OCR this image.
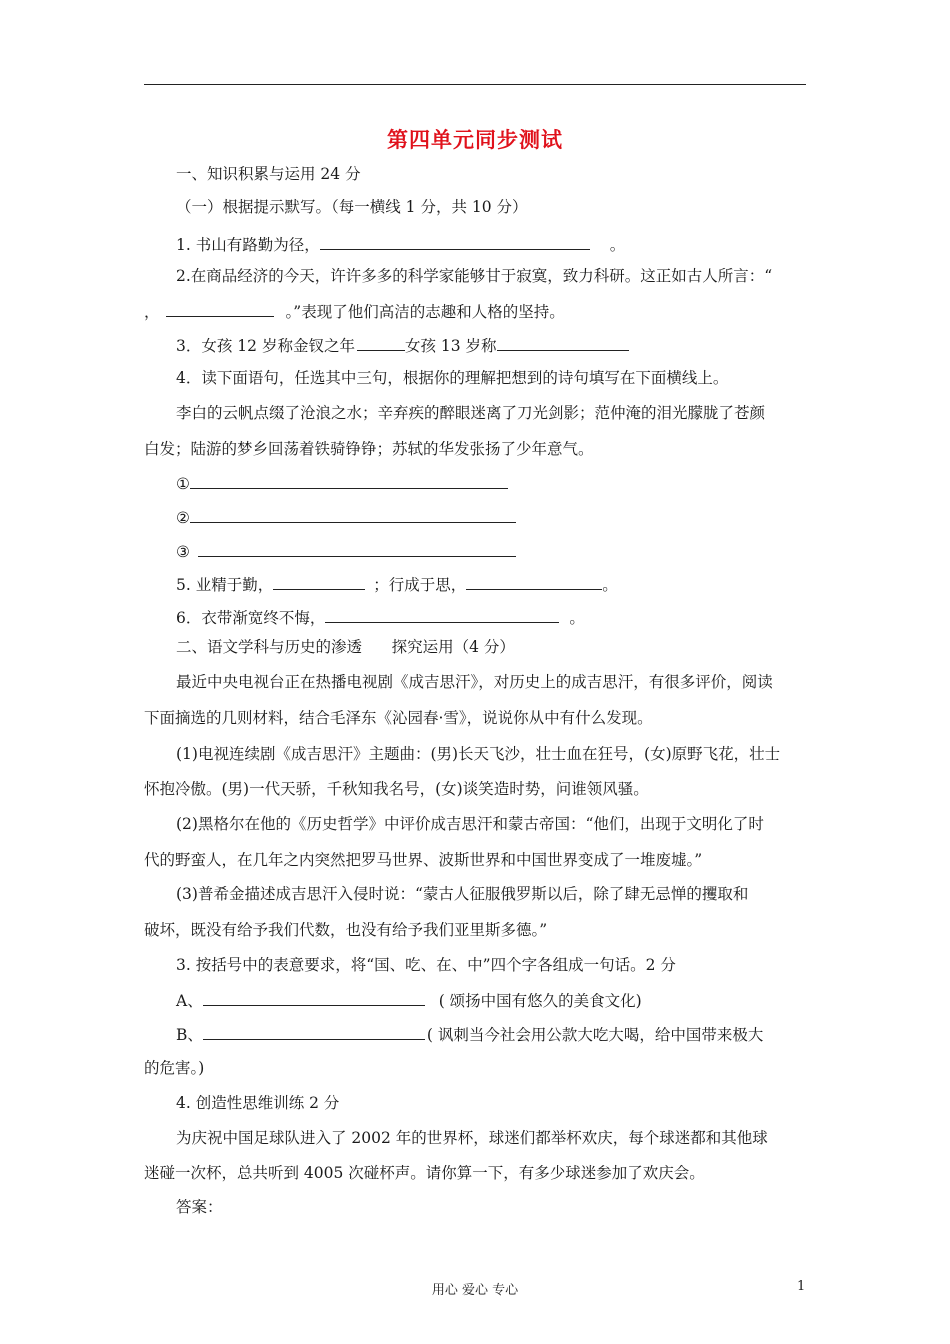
第四单元同步测试
一、知识积累与运用 24 分
（一）根据提示默写。（每一横线 1 分，共 10 分）
1. 书山有路勤为径，	。
2.在商品经济的今天，许许多多的科学家能够甘于寂寞，致力科研。这正如古人所言：“
，	。”表现了他们高洁的志趣和人格的坚持。
3．女孩 12 岁称金钗之年	女孩 13 岁称
4．读下面语句，任选其中三句，根据你的理解把想到的诗句填写在下面横线上。
李白的云帆点缀了沧浪之水；辛弃疾的醉眼迷离了刀光剑影；范仲淹的泪光朦胧了苍颜
白发；陆游的梦乡回荡着铁骑铮铮；苏轼的华发张扬了少年意气。
①
②
③
5. 业精于勤，	；行成于思，	。
6．衣带渐宽终不悔，	。
二、语文学科与历史的渗透      探究运用（4 分）
最近中央电视台正在热播电视剧《成吉思汗》，对历史上的成吉思汗，有很多评价，阅读
下面摘选的几则材料，结合毛泽东《沁园春·雪》，说说你从中有什么发现。
(1)电视连续剧《成吉思汗》主题曲：(男)长天飞沙，壮士血在狂号，(女)原野飞花，壮士
怀抱冷傲。(男)一代天骄，千秋知我名号，(女)谈笑造时势，问谁领风骚。
(2)黑格尔在他的《历史哲学》中评价成吉思汗和蒙古帝国：“他们，出现于文明化了时
代的野蛮人，在几年之内突然把罗马世界、波斯世界和中国世界变成了一堆废墟。”
(3)普希金描述成吉思汗入侵时说：“蒙古人征服俄罗斯以后，除了肆无忌惮的攫取和
破坏，既没有给予我们代数，也没有给予我们亚里斯多德。”
3. 按括号中的表意要求，将“国、吃、在、中”四个字各组成一句话。2 分
A、	( 颂扬中国有悠久的美食文化)
B、	( 讽刺当今社会用公款大吃大喝，给中国带来极大
的危害。)
4. 创造性思维训练 2 分
为庆祝中国足球队进入了 2002 年的世界杯，球迷们都举杯欢庆，每个球迷都和其他球
迷碰一次杯，总共听到 4005 次碰杯声。请你算一下，有多少球迷参加了欢庆会。
答案：
用心 爱心 专心	1
